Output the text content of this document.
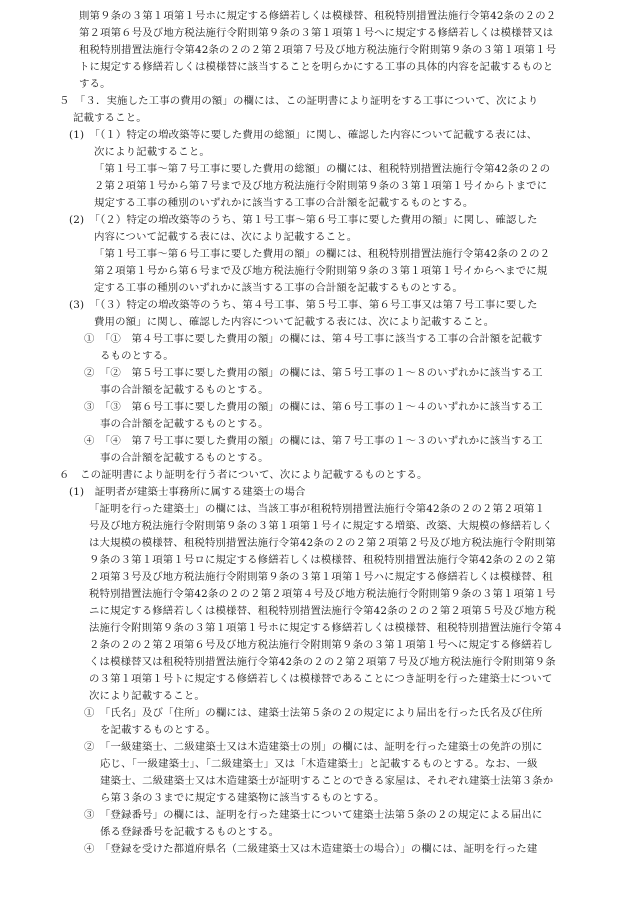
則第９条の３第１項第１号ホに規定する修繕若しくは模様替、租税特別措置法施行令第42条の２の２
第２項第６号及び地方税法施行令附則第９条の３第１項第１号へに規定する修繕若しくは模様替又は
租税特別措置法施行令第42条の２の２第２項第７号及び地方税法施行令附則第９条の３第１項第１号
トに規定する修繕若しくは模様替に該当することを明らかにする工事の具体的内容を記載するものと
する。
５　「３．実施した工事の費用の額」の欄には、この証明書により証明をする工事について、次により
記載すること。
(1)　「（１）特定の増改築等に要した費用の総額」に関し、確認した内容について記載する表には、
次により記載すること。
「第１号工事～第７号工事に要した費用の総額」の欄には、租税特別措置法施行令第42条の２の
２第２項第１号から第７号まで及び地方税法施行令附則第９条の３第１項第１号イからトまでに
規定する工事の種別のいずれかに該当する工事の合計額を記載するものとする。
(2)　「（２）特定の増改築等のうち、第１号工事～第６号工事に要した費用の額」に関し、確認した
内容について記載する表には、次により記載すること。
「第１号工事～第６号工事に要した費用の額」の欄には、租税特別措置法施行令第42条の２の２
第２項第１号から第６号まで及び地方税法施行令附則第９条の３第１項第１号イからへまでに規
定する工事の種別のいずれかに該当する工事の合計額を記載するものとする。
(3)　「（３）特定の増改築等のうち、第４号工事、第５号工事、第６号工事又は第７号工事に要した
費用の額」に関し、確認した内容について記載する表には、次により記載すること。
①　「①　第４号工事に要した費用の額」の欄には、第４号工事に該当する工事の合計額を記載す
るものとする。
②　「②　第５号工事に要した費用の額」の欄には、第５号工事の１～８のいずれかに該当する工
事の合計額を記載するものとする。
③　「③　第６号工事に要した費用の額」の欄には、第６号工事の１～４のいずれかに該当する工
事の合計額を記載するものとする。
④　「④　第７号工事に要した費用の額」の欄には、第７号工事の１～３のいずれかに該当する工
事の合計額を記載するものとする。
６　この証明書により証明を行う者について、次により記載するものとする。
(1)　証明者が建築士事務所に属する建築士の場合
「証明を行った建築士」の欄には、当該工事が租税特別措置法施行令第42条の２の２第２項第１
号及び地方税法施行令附則第９条の３第１項第１号イに規定する増築、改築、大規模の修繕若しく
は大規模の模様替、租税特別措置法施行令第42条の２の２第２項第２号及び地方税法施行令附則第
９条の３第１項第１号ロに規定する修繕若しくは模様替、租税特別措置法施行令第42条の２の２第
２項第３号及び地方税法施行令附則第９条の３第１項第１号ハに規定する修繕若しくは模様替、租
税特別措置法施行令第42条の２の２第２項第４号及び地方税法施行令附則第９条の３第１項第１号
ニに規定する修繕若しくは模様替、租税特別措置法施行令第42条の２の２第２項第５号及び地方税
法施行令附則第９条の３第１項第１号ホに規定する修繕若しくは模様替、租税特別措置法施行令第４
２条の２の２第２項第６号及び地方税法施行令附則第９条の３第１項第１号へに規定する修繕若し
くは模様替又は租税特別措置法施行令第42条の２の２第２項第７号及び地方税法施行令附則第９条
の３第１項第１号トに規定する修繕若しくは模様替であることにつき証明を行った建築士について
次により記載すること。
①　「氏名」及び「住所」の欄には、建築士法第５条の２の規定により届出を行った氏名及び住所
を記載するものとする。
②　「一級建築士、二級建築士又は木造建築士の別」の欄には、証明を行った建築士の免許の別に
応じ、「一級建築士」、「二級建築士」又は「木造建築士」と記載するものとする。なお、一級
建築士、二級建築士又は木造建築士が証明することのできる家屋は、それぞれ建築士法第３条か
ら第３条の３までに規定する建築物に該当するものとする。
③　「登録番号」の欄には、証明を行った建築士について建築士法第５条の２の規定による届出に
係る登録番号を記載するものとする。
④　「登録を受けた都道府県名（二級建築士又は木造建築士の場合）」の欄には、証明を行った建
